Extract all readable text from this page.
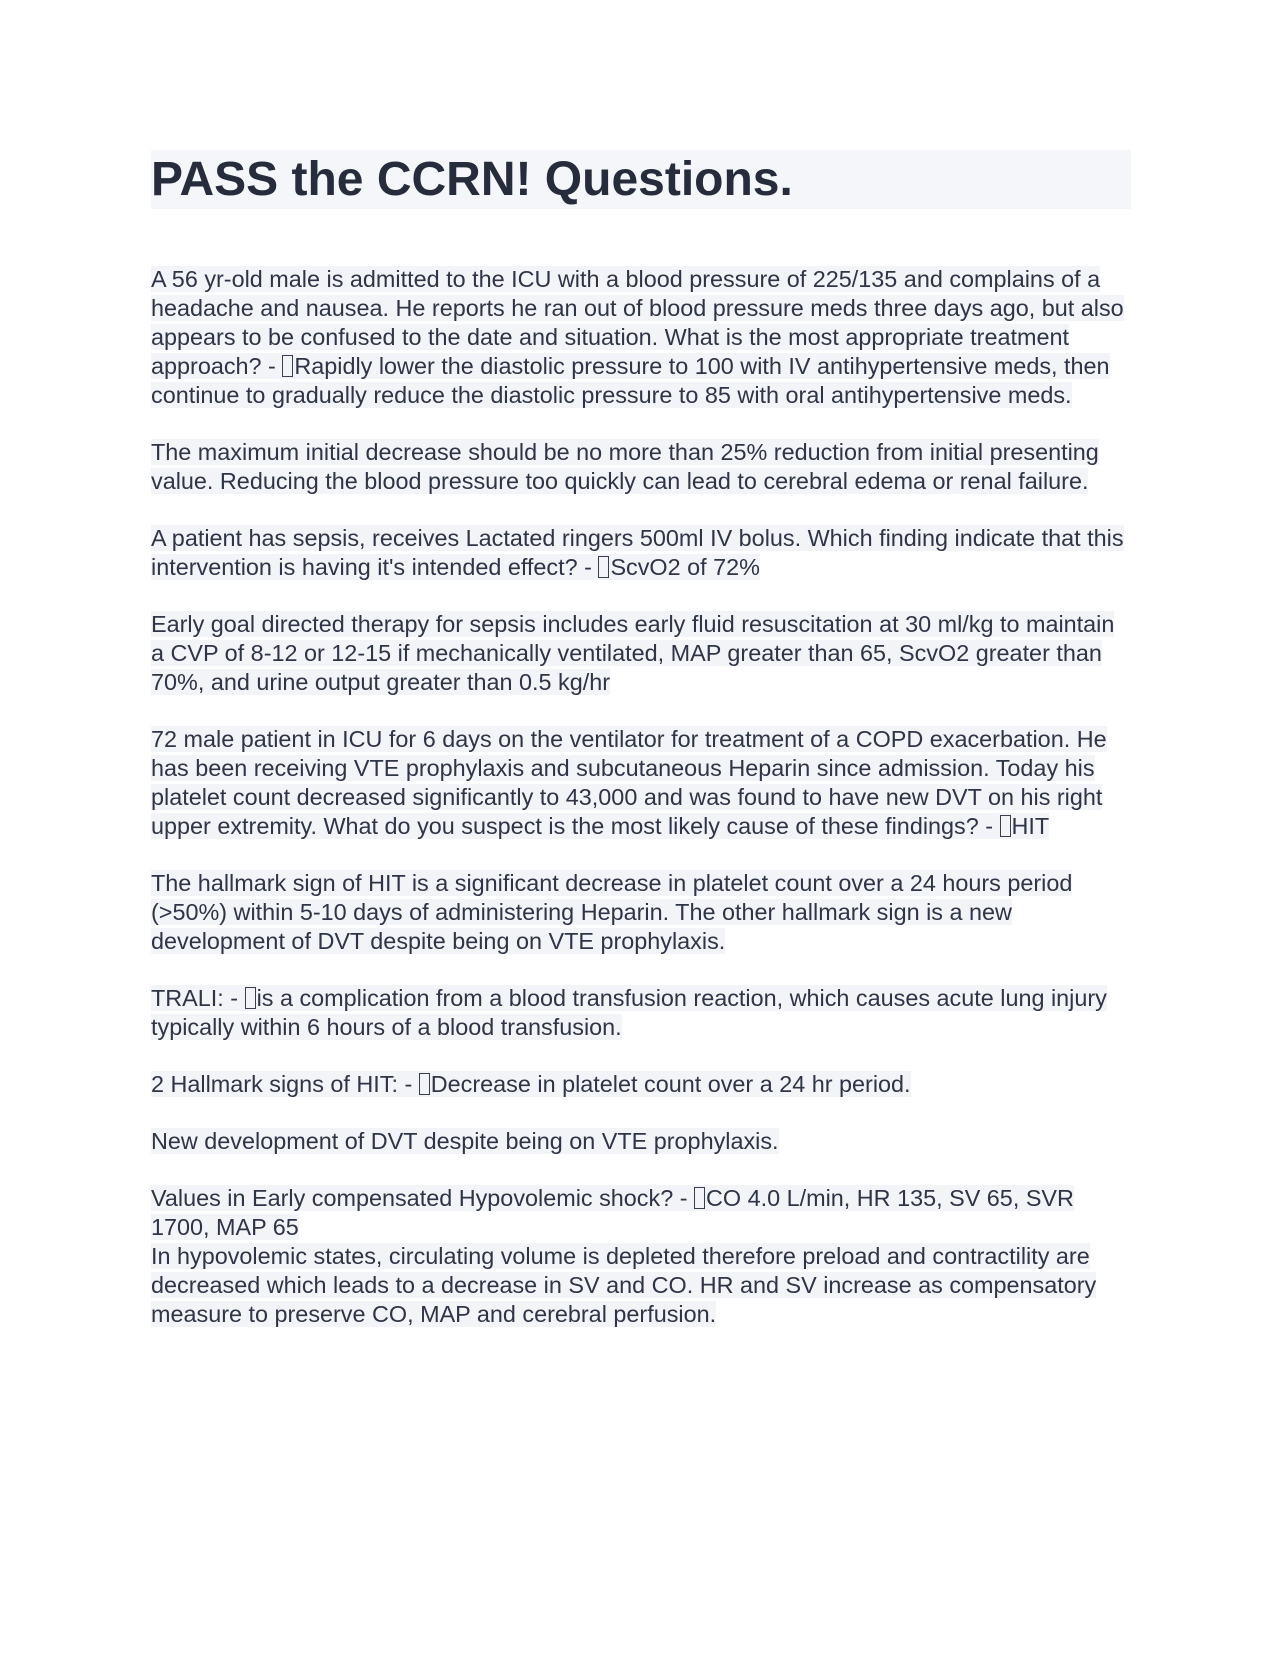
PASS the CCRN! Questions.

A 56 yr-old male is admitted to the ICU with a blood pressure of 225/135 and complains of a headache and nausea. He reports he ran out of blood pressure meds three days ago, but also appears to be confused to the date and situation. What is the most appropriate treatment approach? - Rapidly lower the diastolic pressure to 100 with IV antihypertensive meds, then continue to gradually reduce the diastolic pressure to 85 with oral antihypertensive meds.

The maximum initial decrease should be no more than 25% reduction from initial presenting value. Reducing the blood pressure too quickly can lead to cerebral edema or renal failure.

A patient has sepsis, receives Lactated ringers 500ml IV bolus. Which finding indicate that this intervention is having it's intended effect? - ScvO2 of 72%

Early goal directed therapy for sepsis includes early fluid resuscitation at 30 ml/kg to maintain a CVP of 8-12 or 12-15 if mechanically ventilated, MAP greater than 65, ScvO2 greater than 70%, and urine output greater than 0.5 kg/hr

72 male patient in ICU for 6 days on the ventilator for treatment of a COPD exacerbation. He has been receiving VTE prophylaxis and subcutaneous Heparin since admission. Today his platelet count decreased significantly to 43,000 and was found to have new DVT on his right upper extremity. What do you suspect is the most likely cause of these findings? - HIT

The hallmark sign of HIT is a significant decrease in platelet count over a 24 hours period (>50%) within 5-10 days of administering Heparin. The other hallmark sign is a new development of DVT despite being on VTE prophylaxis.

TRALI: - is a complication from a blood transfusion reaction, which causes acute lung injury typically within 6 hours of a blood transfusion.

2 Hallmark signs of HIT: - Decrease in platelet count over a 24 hr period.

New development of DVT despite being on VTE prophylaxis.

Values in Early compensated Hypovolemic shock? - CO 4.0 L/min, HR 135, SV 65, SVR 1700, MAP 65

In hypovolemic states, circulating volume is depleted therefore preload and contractility are decreased which leads to a decrease in SV and CO. HR and SV increase as compensatory measure to preserve CO, MAP and cerebral perfusion.
